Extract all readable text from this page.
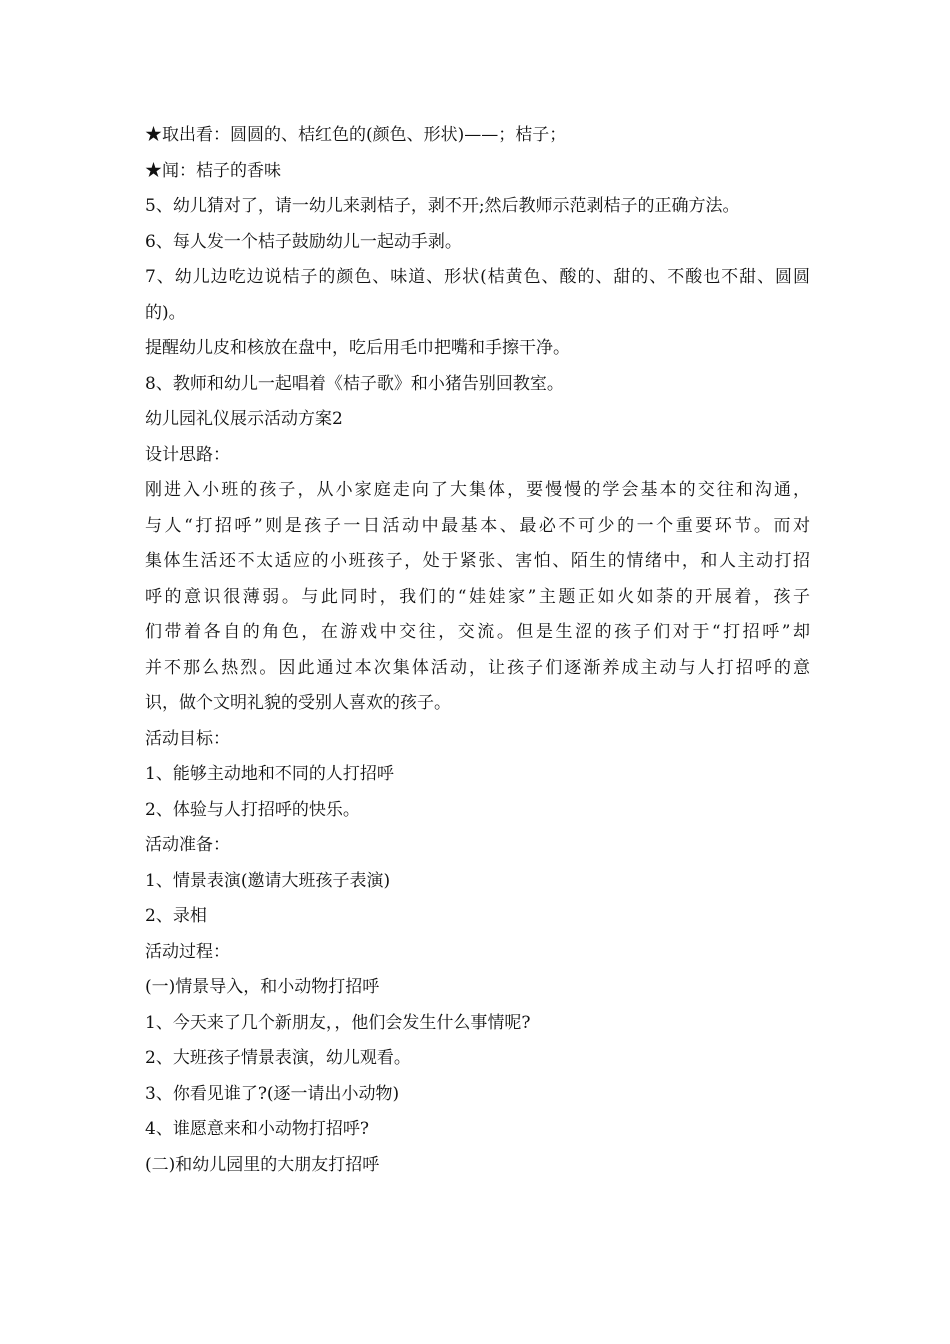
★取出看：圆圆的、桔红色的(颜色、形状)——；桔子；
★闻：桔子的香味
5、幼儿猜对了，请一幼儿来剥桔子，剥不开;然后教师示范剥桔子的正确方法。
6、每人发一个桔子鼓励幼儿一起动手剥。
7、幼儿边吃边说桔子的颜色、味道、形状(桔黄色、酸的、甜的、不酸也不甜、圆圆
的)。
提醒幼儿皮和核放在盘中，吃后用毛巾把嘴和手擦干净。
8、教师和幼儿一起唱着《桔子歌》和小猪告别回教室。
幼儿园礼仪展示活动方案2
设计思路：
刚进入小班的孩子，从小家庭走向了大集体，要慢慢的学会基本的交往和沟通，
与人“打招呼”则是孩子一日活动中最基本、最必不可少的一个重要环节。而对
集体生活还不太适应的小班孩子，处于紧张、害怕、陌生的情绪中，和人主动打招
呼的意识很薄弱。与此同时，我们的“娃娃家”主题正如火如荼的开展着，孩子
们带着各自的角色，在游戏中交往，交流。但是生涩的孩子们对于“打招呼”却
并不那么热烈。因此通过本次集体活动，让孩子们逐渐养成主动与人打招呼的意
识，做个文明礼貌的受别人喜欢的孩子。
活动目标：
1、能够主动地和不同的人打招呼
2、体验与人打招呼的快乐。
活动准备：
1、情景表演(邀请大班孩子表演)
2、录相
活动过程：
(一)情景导入，和小动物打招呼
1、今天来了几个新朋友，，他们会发生什么事情呢?
2、大班孩子情景表演，幼儿观看。
3、你看见谁了?(逐一请出小动物)
4、谁愿意来和小动物打招呼?
(二)和幼儿园里的大朋友打招呼
